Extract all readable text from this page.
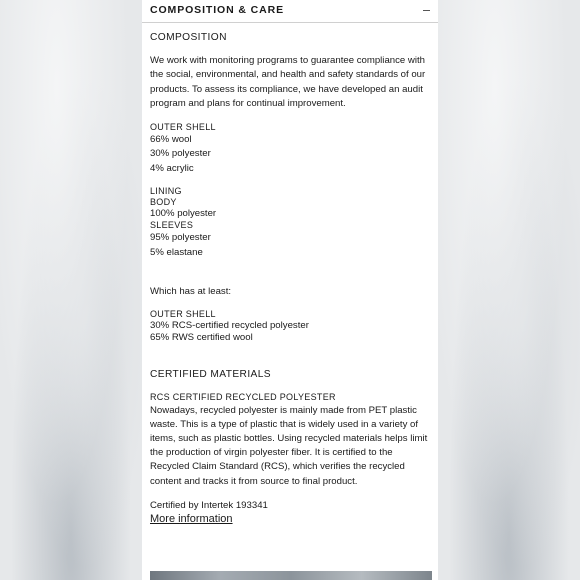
COMPOSITION & CARE

COMPOSITION

We work with monitoring programs to guarantee compliance with the social, environmental, and health and safety standards of our products. To assess its compliance, we have developed an audit program and plans for continual improvement.

OUTER SHELL
66% wool
30% polyester
4% acrylic
LINING
BODY
100% polyester
SLEEVES
95% polyester
5% elastane

Which has at least:

OUTER SHELL
30% RCS-certified recycled polyester
65% RWS certified wool

CERTIFIED MATERIALS

RCS CERTIFIED RECYCLED POLYESTER

Nowadays, recycled polyester is mainly made from PET plastic waste. This is a type of plastic that is widely used in a variety of items, such as plastic bottles. Using recycled materials helps limit the production of virgin polyester fiber. It is certified to the Recycled Claim Standard (RCS), which verifies the recycled content and tracks it from source to final product.

Certified by Intertek 193341

More information
